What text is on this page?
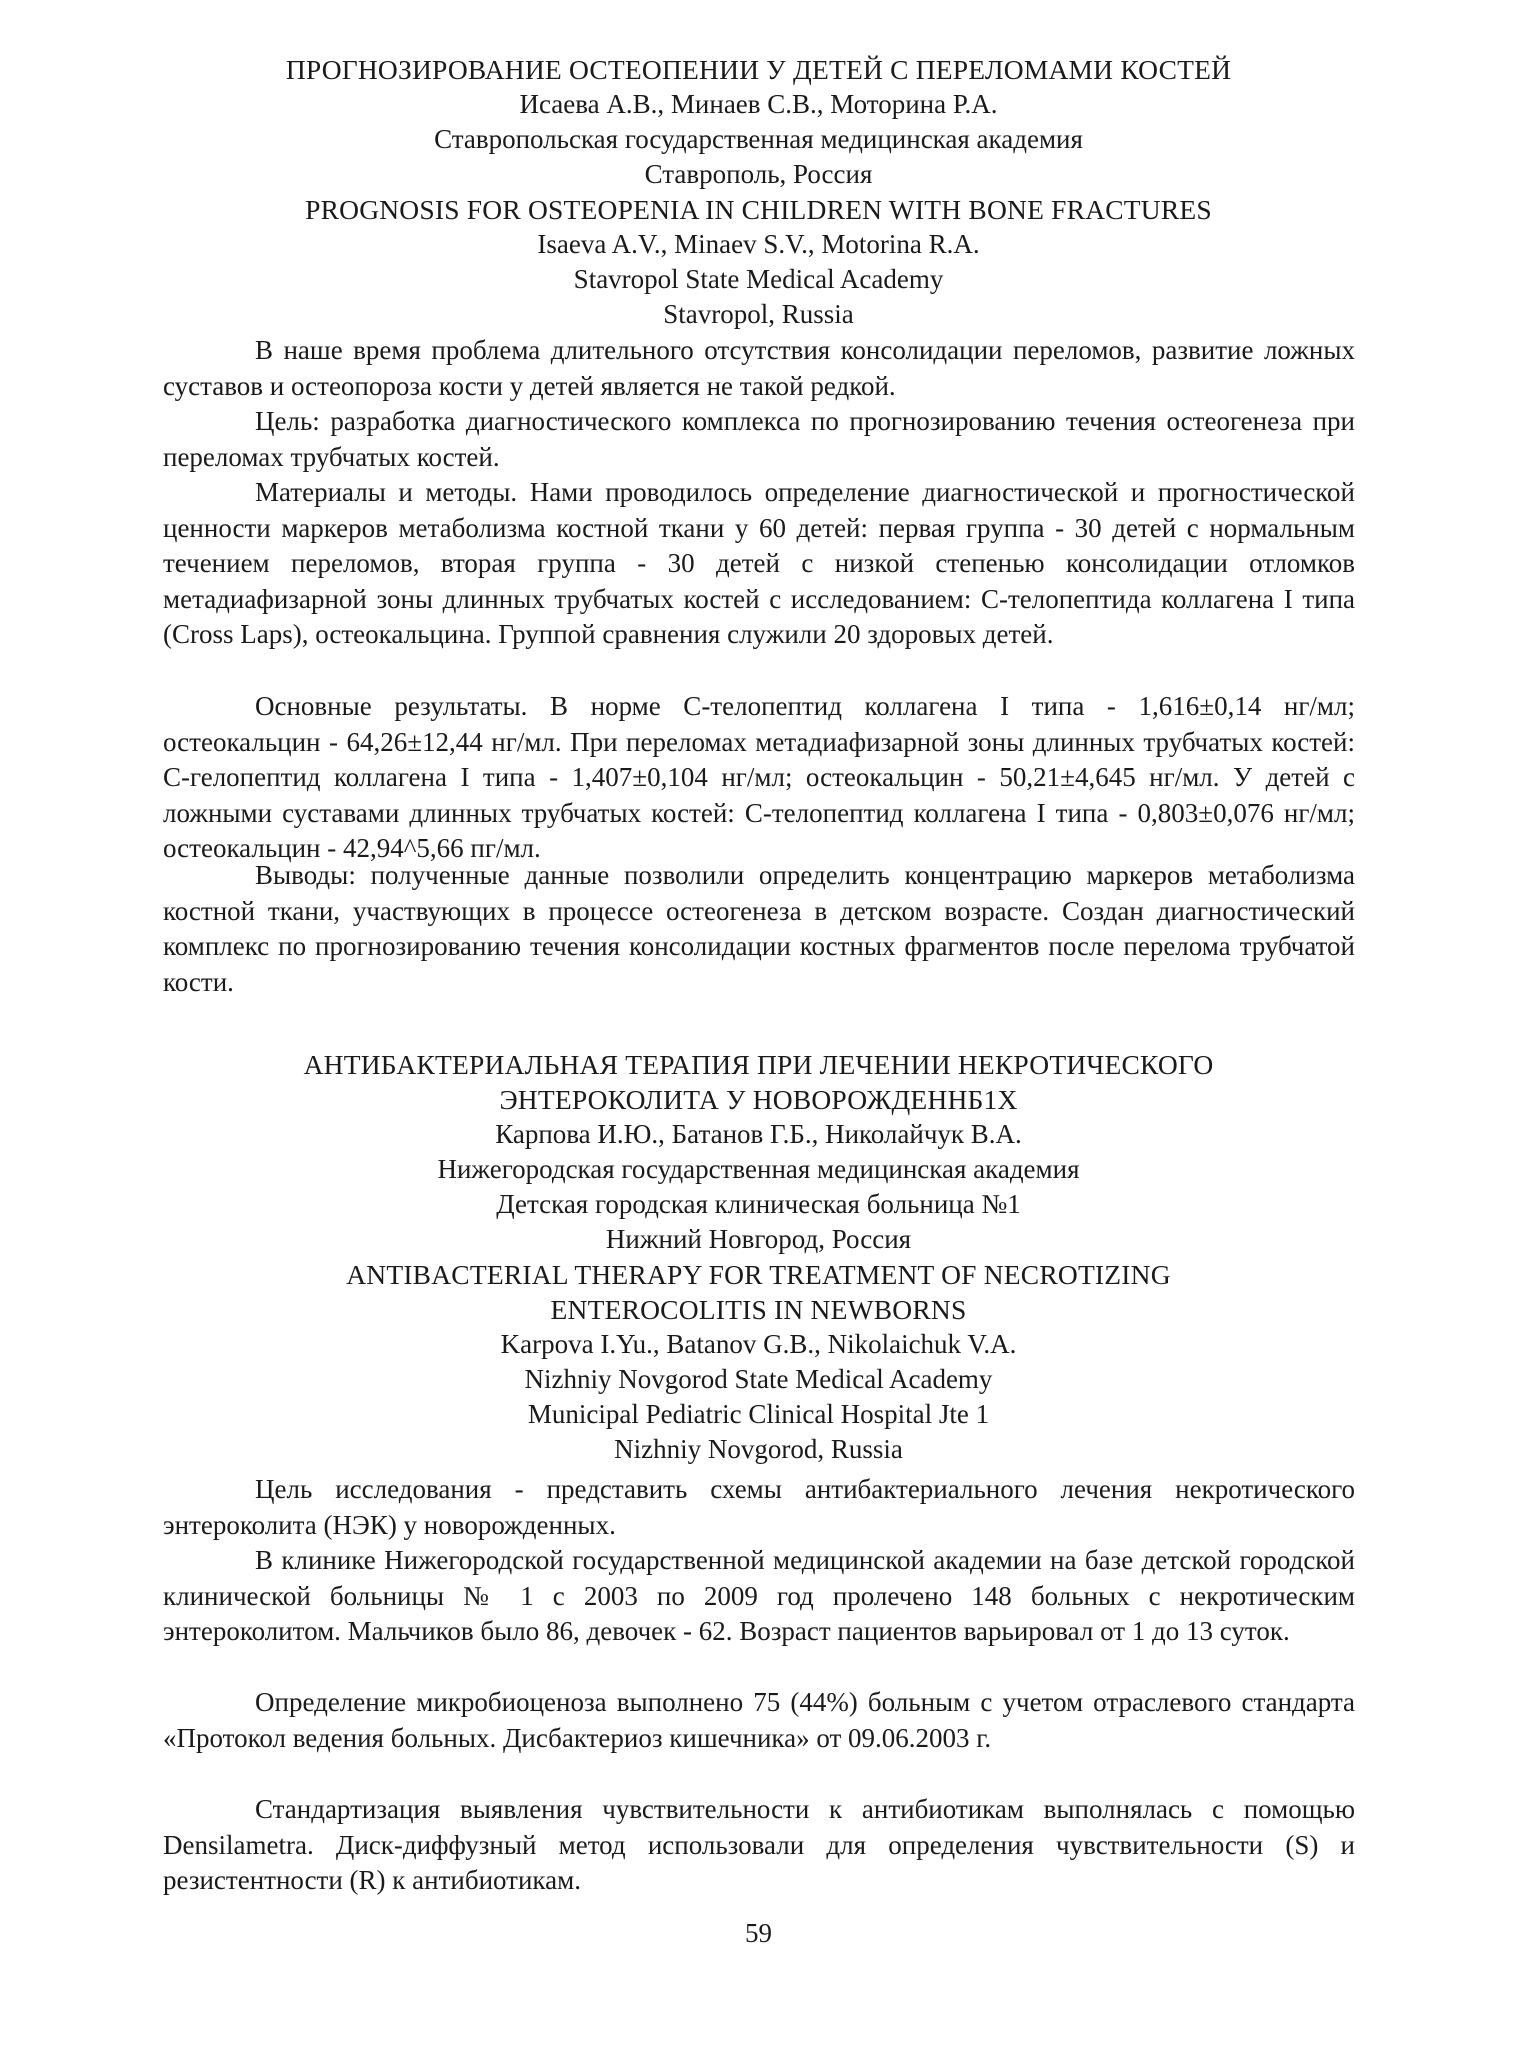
ПРОГНОЗИРОВАНИЕ ОСТЕОПЕНИИ У ДЕТЕЙ С ПЕРЕЛОМАМИ КОСТЕЙ

Исаева А.В., Минаев С.В., Моторина Р.А.

Ставропольская государственная медицинская академия

Ставрополь, Россия

PROGNOSIS FOR OSTEOPENIA IN CHILDREN WITH BONE FRACTURES

Isaeva A.V., Minaev S.V., Motorina R.A.

Stavropol State Medical Academy

Stavropol, Russia

В наше время проблема длительного отсутствия консолидации переломов, развитие ложных суставов и остеопороза кости у детей является не такой редкой.

Цель: разработка диагностического комплекса по прогнозированию течения остеогенеза при переломах трубчатых костей.

Материалы и методы. Нами проводилось определение диагностической и прогностической ценности маркеров метаболизма костной ткани у 60 детей: первая группа - 30 детей с нормальным течением переломов, вторая группа - 30 детей с низкой степенью консолидации отломков метадиафизарной зоны длинных трубчатых костей с исследованием: С-телопептида коллагена I типа (Cross Laps), остеокальцина. Группой сравнения служили 20 здоровых детей.

Основные результаты. В норме С-телопептид коллагена I типа - 1,616±0,14 нг/мл; остеокальцин - 64,26±12,44 нг/мл. При переломах метадиафизарной зоны длинных трубчатых костей: С-гелопептид коллагена I типа - 1,407±0,104 нг/мл; остеокальцин - 50,21±4,645 нг/мл. У детей с ложными суставами длинных трубчатых костей: С-телопептид коллагена I типа - 0,803±0,076 нг/мл; остеокальцин - 42,94^5,66 пг/мл.

Выводы: полученные данные позволили определить концентрацию маркеров метаболизма костной ткани, участвующих в процессе остеогенеза в детском возрасте. Создан диагностический комплекс по прогнозированию течения консолидации костных фрагментов после перелома трубчатой кости.

АНТИБАКТЕРИАЛЬНАЯ ТЕРАПИЯ ПРИ ЛЕЧЕНИИ НЕКРОТИЧЕСКОГО

ЭНТЕРОКОЛИТА У НОВОРОЖДЕННБ1Х

Карпова И.Ю., Батанов Г.Б., Николайчук В.А.

Нижегородская государственная медицинская академия

Детская городская клиническая больница №1

Нижний Новгород, Россия

ANTIBACTERIAL THERAPY FOR TREATMENT OF NECROTIZING

ENTEROCOLITIS IN NEWBORNS

Karpova I.Yu., Batanov G.B., Nikolaichuk V.A.

Nizhniy Novgorod State Medical Academy

Municipal Pediatric Clinical Hospital Jte 1

Nizhniy Novgorod, Russia

Цель исследования - представить схемы антибактериального лечения некротического энтероколита (НЭК) у новорожденных.

В клинике Нижегородской государственной медицинской академии на базе детской городской клинической больницы № 1 с 2003 по 2009 год пролечено 148 больных с некротическим энтероколитом. Мальчиков было 86, девочек - 62. Возраст пациентов варьировал от 1 до 13 суток.

Определение микробиоценоза выполнено 75 (44%) больным с учетом отраслевого стандарта «Протокол ведения больных. Дисбактериоз кишечника» от 09.06.2003 г.

Стандартизация выявления чувствительности к антибиотикам выполнялась с помощью Densilametra. Диск-диффузный метод использовали для определения чувствительности (S) и резистентности (R) к антибиотикам.

59
